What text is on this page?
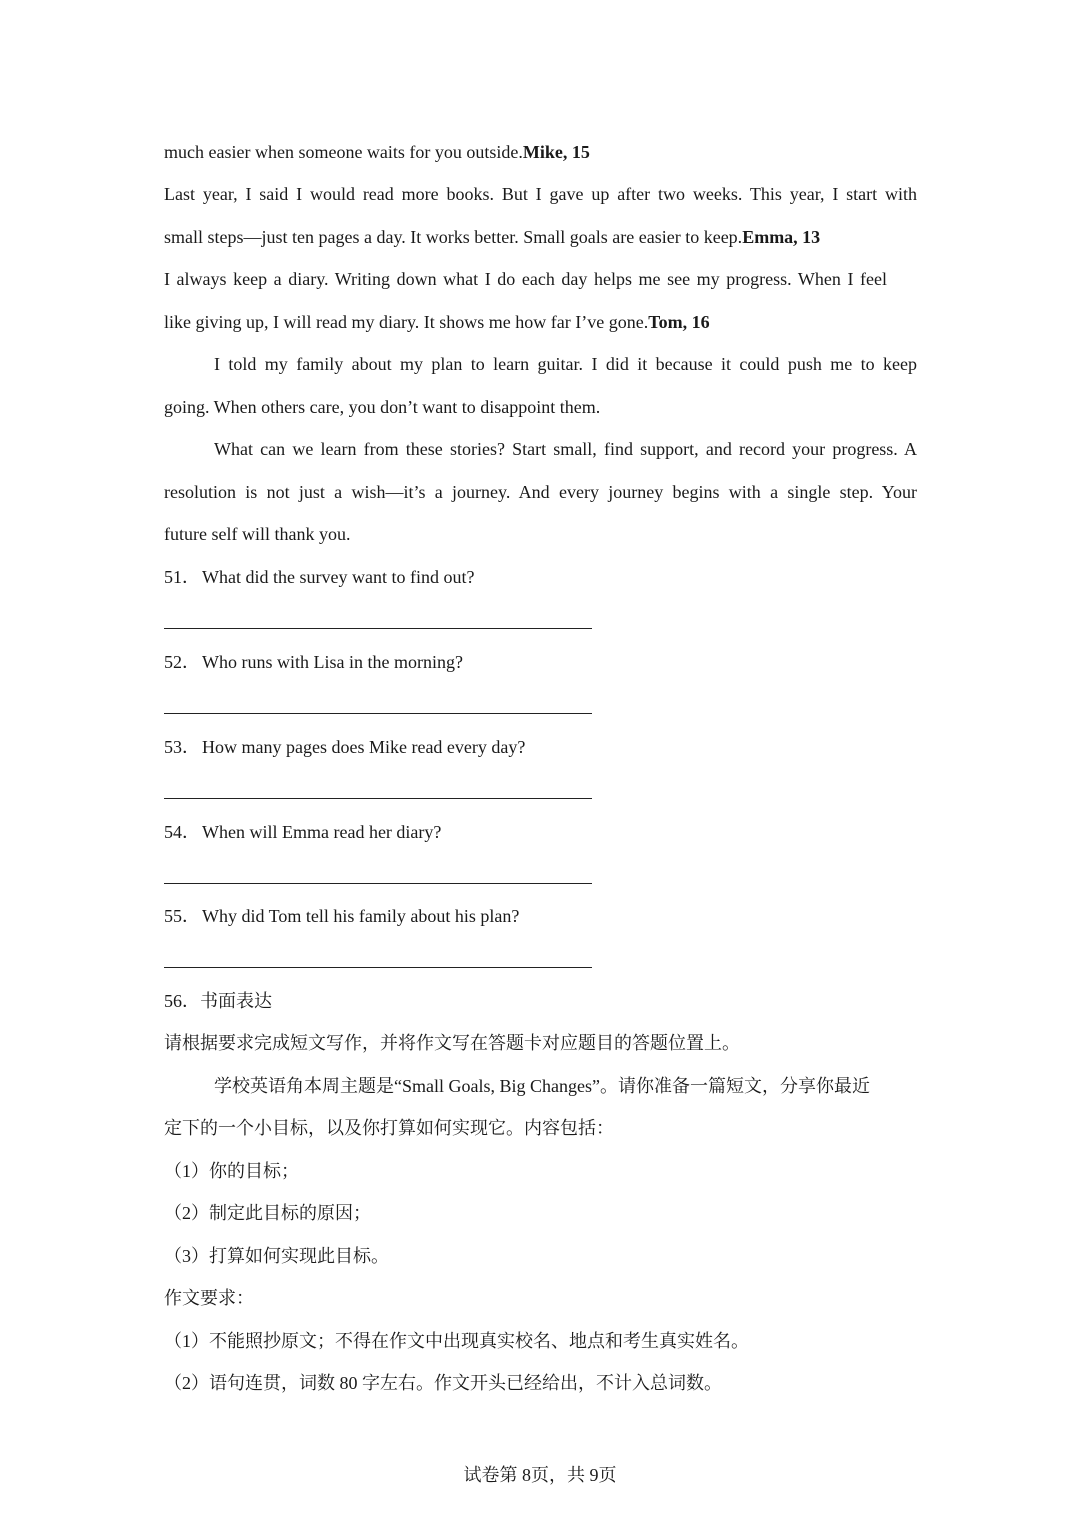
much easier when someone waits for you outside.Mike, 15
Last year, I said I would read more books. But I gave up after two weeks. This year, I start with
small steps—just ten pages a day. It works better. Small goals are easier to keep.Emma, 13
I always keep a diary. Writing down what I do each day helps me see my progress. When I feel
like giving up, I will read my diary. It shows me how far I’ve gone.Tom, 16
I told my family about my plan to learn guitar. I did it because it could push me to keep
going. When others care, you don’t want to disappoint them.
What can we learn from these stories? Start small, find support, and record your progress. A
resolution is not just a wish—it’s a journey. And every journey begins with a single step. Your
future self will thank you.
51． What did the survey want to find out?
52． Who runs with Lisa in the morning?
53． How many pages does Mike read every day?
54． When will Emma read her diary?
55． Why did Tom tell his family about his plan?
56．书面表达
请根据要求完成短文写作，并将作文写在答题卡对应题目的答题位置上。
学校英语角本周主题是“Small Goals, Big Changes”。请你准备一篇短文，分享你最近
定下的一个小目标，以及你打算如何实现它。内容包括：
（1）你的目标；
（2）制定此目标的原因；
（3）打算如何实现此目标。
作文要求：
（1）不能照抄原文；不得在作文中出现真实校名、地点和考生真实姓名。
（2）语句连贯，词数 80 字左右。作文开头已经给出，不计入总词数。
试卷第 8页，共 9页
